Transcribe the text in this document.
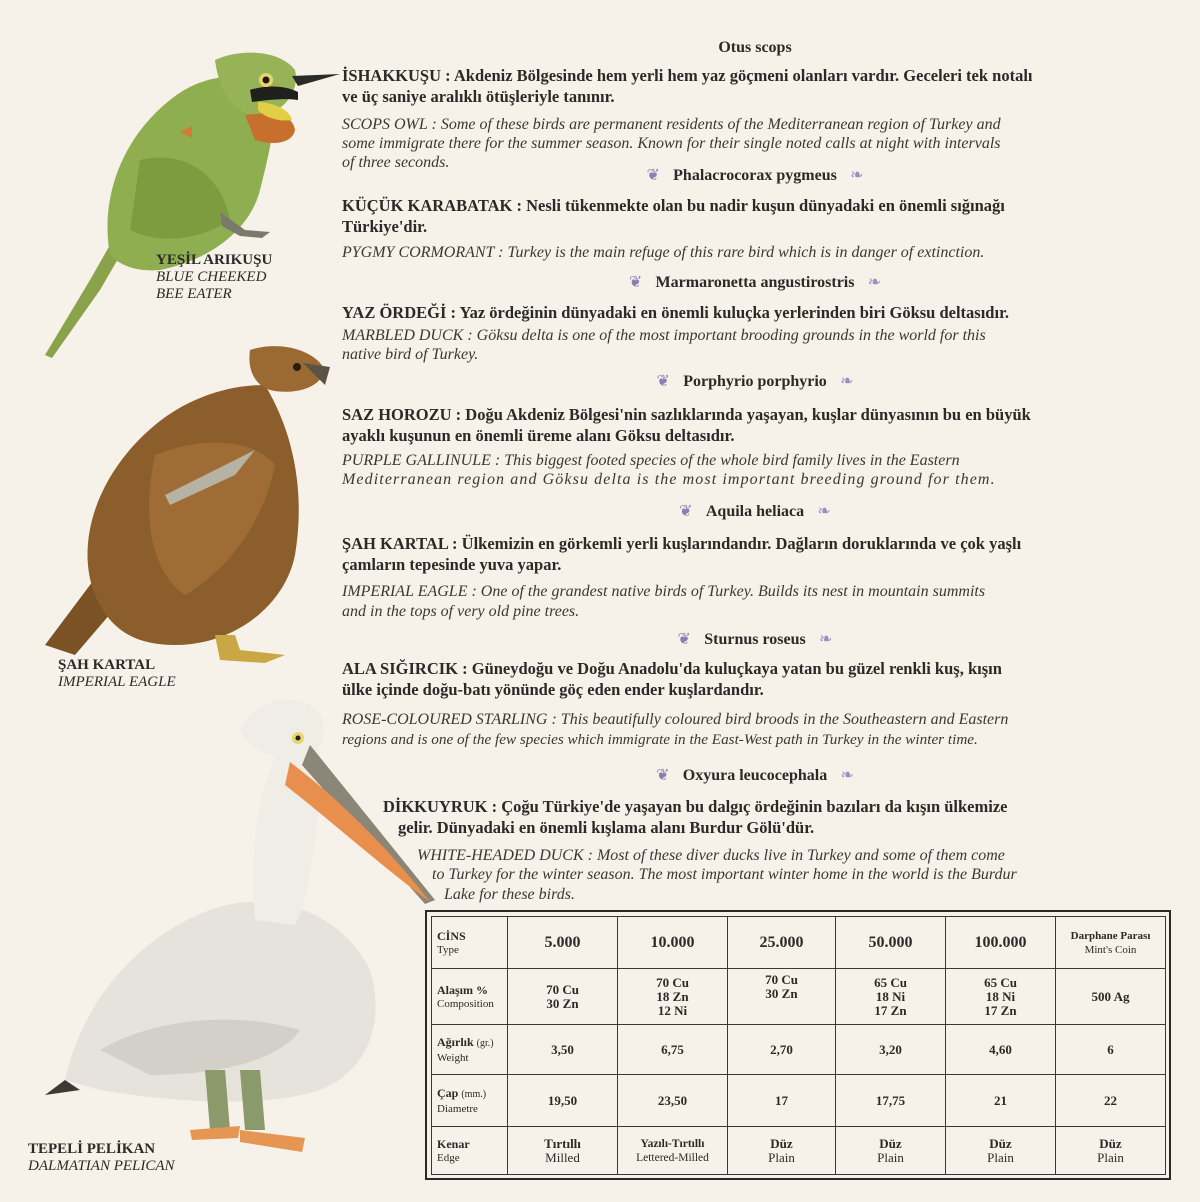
YEŞİL ARIKUŞU
BLUE CHEEKED
BEE EATER
ŞAH KARTAL
IMPERIAL EAGLE
TEPELİ PELİKAN
DALMATIAN PELICAN
Otus scops
İSHAKKUŞU : Akdeniz Bölgesinde hem yerli hem yaz göçmeni olanları vardır. Geceleri tek notalı
ve üç saniye aralıklı ötüşleriyle tanınır.
SCOPS OWL : Some of these birds are permanent residents of the Mediterranean region of Turkey and
some immigrate there for the summer season. Known for their single noted calls at night with intervals
of three seconds.
❦ Phalacrocorax pygmeus ❧
KÜÇÜK KARABATAK : Nesli tükenmekte olan bu nadir kuşun dünyadaki en önemli sığınağı
Türkiye'dir.
PYGMY CORMORANT : Turkey is the main refuge of this rare bird which is in danger of extinction.
❦ Marmaronetta angustirostris ❧
YAZ ÖRDEĞİ : Yaz ördeğinin dünyadaki en önemli kuluçka yerlerinden biri Göksu deltasıdır.
MARBLED DUCK : Göksu delta is one of the most important brooding grounds in the world for this
native bird of Turkey.
❦ Porphyrio porphyrio ❧
SAZ HOROZU : Doğu Akdeniz Bölgesi'nin sazlıklarında yaşayan, kuşlar dünyasının bu en büyük
ayaklı kuşunun en önemli üreme alanı Göksu deltasıdır.
PURPLE GALLINULE : This biggest footed species of the whole bird family lives in the Eastern
Mediterranean region and Göksu delta is the most important breeding ground for them.
❦ Aquila heliaca ❧
ŞAH KARTAL : Ülkemizin en görkemli yerli kuşlarındandır. Dağların doruklarında ve çok yaşlı
çamların tepesinde yuva yapar.
IMPERIAL EAGLE : One of the grandest native birds of Turkey. Builds its nest in mountain summits
and in the tops of very old pine trees.
❦ Sturnus roseus ❧
ALA SIĞIRCIK : Güneydoğu ve Doğu Anadolu'da kuluçkaya yatan bu güzel renkli kuş, kışın
ülke içinde doğu-batı yönünde göç eden ender kuşlardandır.
ROSE-COLOURED STARLING : This beautifully coloured bird broods in the Southeastern and Eastern
regions and is one of the few species which immigrate in the East-West path in Turkey in the winter time.
❦ Oxyura leucocephala ❧
DİKKUYRUK : Çoğu Türkiye'de yaşayan bu dalgıç ördeğinin bazıları da kışın ülkemize
gelir. Dünyadaki en önemli kışlama alanı Burdur Gölü'dür.
WHITE-HEADED DUCK : Most of these diver ducks live in Turkey and some of them come
to Turkey for the winter season. The most important winter home in the world is the Burdur
Lake for these birds.
CİNS
Type	5.000	10.000	25.000	50.000	100.000	Darphane Parası
Mint's Coin

Alaşım %
Composition	70 Cu
30 Zn	70 Cu
18 Zn
12 Ni	70 Cu
30 Zn	65 Cu
18 Ni
17 Zn	65 Cu
18 Ni
17 Zn	500 Ag

Ağırlık (gr.)
Weight	3,50	6,75	2,70	3,20	4,60	6

Çap (mm.)
Diametre	19,50	23,50	17	17,75	21	22

Kenar
Edge	Tırtıllı
Milled	Yazılı-Tırtıllı
Lettered-Milled	Düz
Plain	Düz
Plain	Düz
Plain	Düz
Plain
